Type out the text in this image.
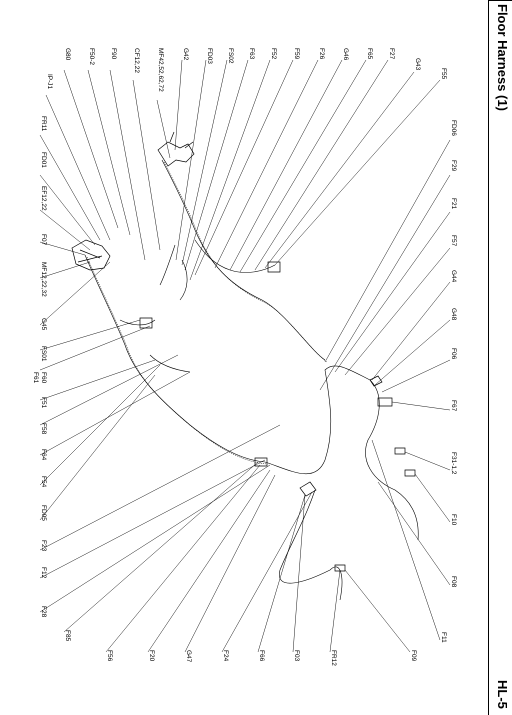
Floor Harness (1)
HL-5
F55
G43
F27
F65
G46
F26
F59
F52
F63
FS02
FD03
G42
MF42,52,62,72
CF12,22
F90
F50-2
G80
IP-J1
FR11
FD01
EF12,22
F07
MF12,22,32
G45
FS01
F60
F61
F51
F58
F64
F54
FD05
F23
F12
F28
F85
F56	F20	G47	F24	F66	F03	FR12	F09
FD06
F29
F21
F57
G44
G48
F06
F67
F31-1,2
F10
F08
F11
